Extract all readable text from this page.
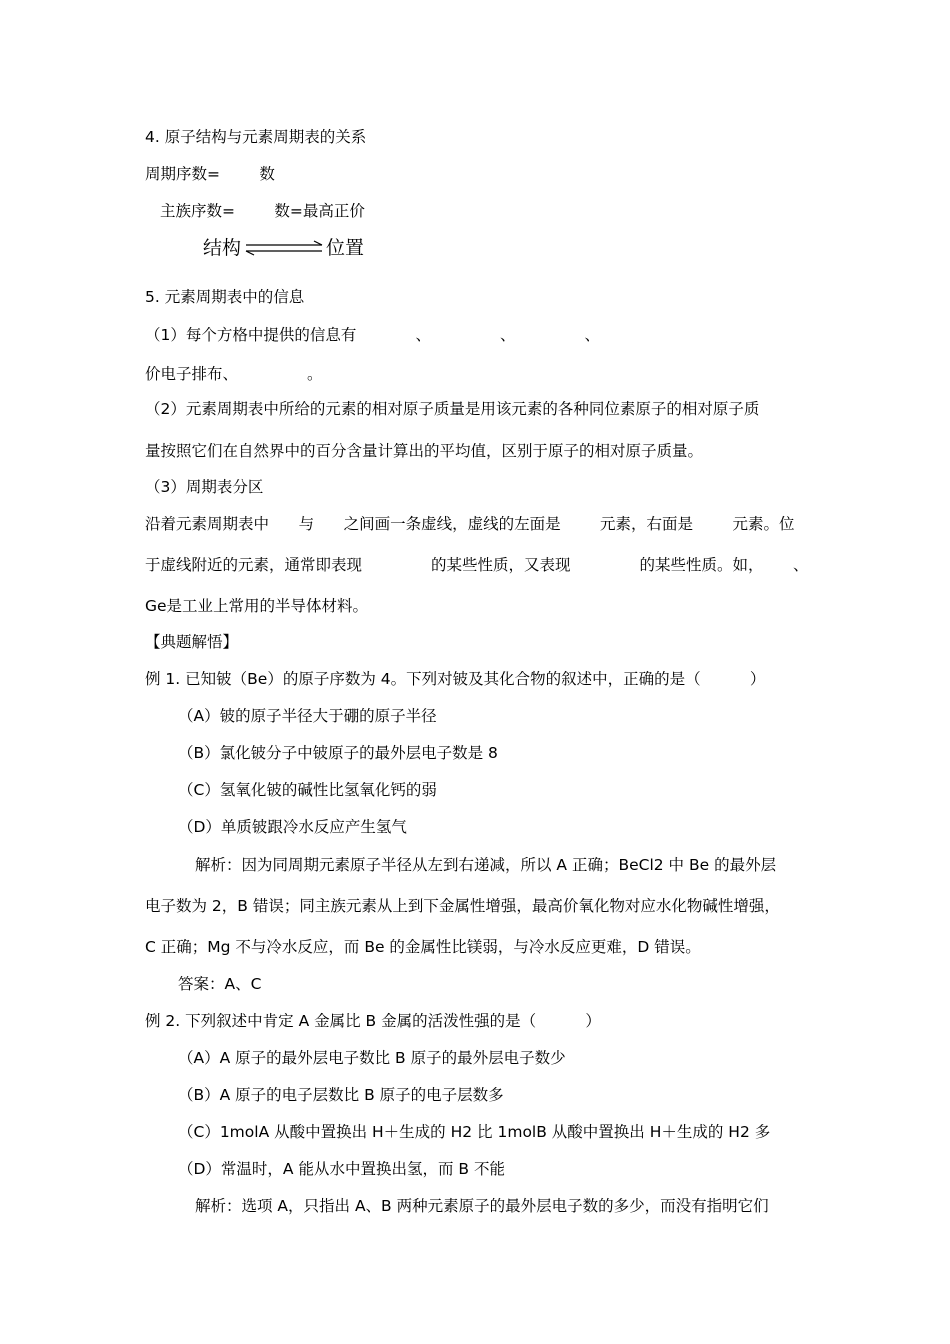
4. 原子结构与元素周期表的关系
周期序数=        数
主族序数=        数=最高正价
结构	位置
5. 元素周期表中的信息
（1）每个方格中提供的信息有            、              、              、
价电子排布、              。
（2）元素周期表中所给的元素的相对原子质量是用该元素的各种同位素原子的相对原子质
量按照它们在自然界中的百分含量计算出的平均值，区别于原子的相对原子质量。
（3）周期表分区
沿着元素周期表中      与      之间画一条虚线，虚线的左面是        元素，右面是        元素。位
于虚线附近的元素，通常即表现              的某些性质，又表现              的某些性质。如，      、
Ge是工业上常用的半导体材料。
【典题解悟】
例 1. 已知铍（Be）的原子序数为 4。下列对铍及其化合物的叙述中，正确的是（          ）
（A）铍的原子半径大于硼的原子半径
（B）氯化铍分子中铍原子的最外层电子数是 8
（C）氢氧化铍的碱性比氢氧化钙的弱
（D）单质铍跟冷水反应产生氢气
解析：因为同周期元素原子半径从左到右递减，所以 A 正确；BeCl2 中 Be 的最外层
电子数为 2，B 错误；同主族元素从上到下金属性增强，最高价氧化物对应水化物碱性增强，
C 正确；Mg 不与冷水反应，而 Be 的金属性比镁弱，与冷水反应更难，D 错误。
答案：A、C
例 2. 下列叙述中肯定 A 金属比 B 金属的活泼性强的是（          ）
（A）A 原子的最外层电子数比 B 原子的最外层电子数少
（B）A 原子的电子层数比 B 原子的电子层数多
（C）1molA 从酸中置换出 H＋生成的 H2 比 1molB 从酸中置换出 H＋生成的 H2 多
（D）常温时，A 能从水中置换出氢，而 B 不能
解析：选项 A，只指出 A、B 两种元素原子的最外层电子数的多少，而没有指明它们
